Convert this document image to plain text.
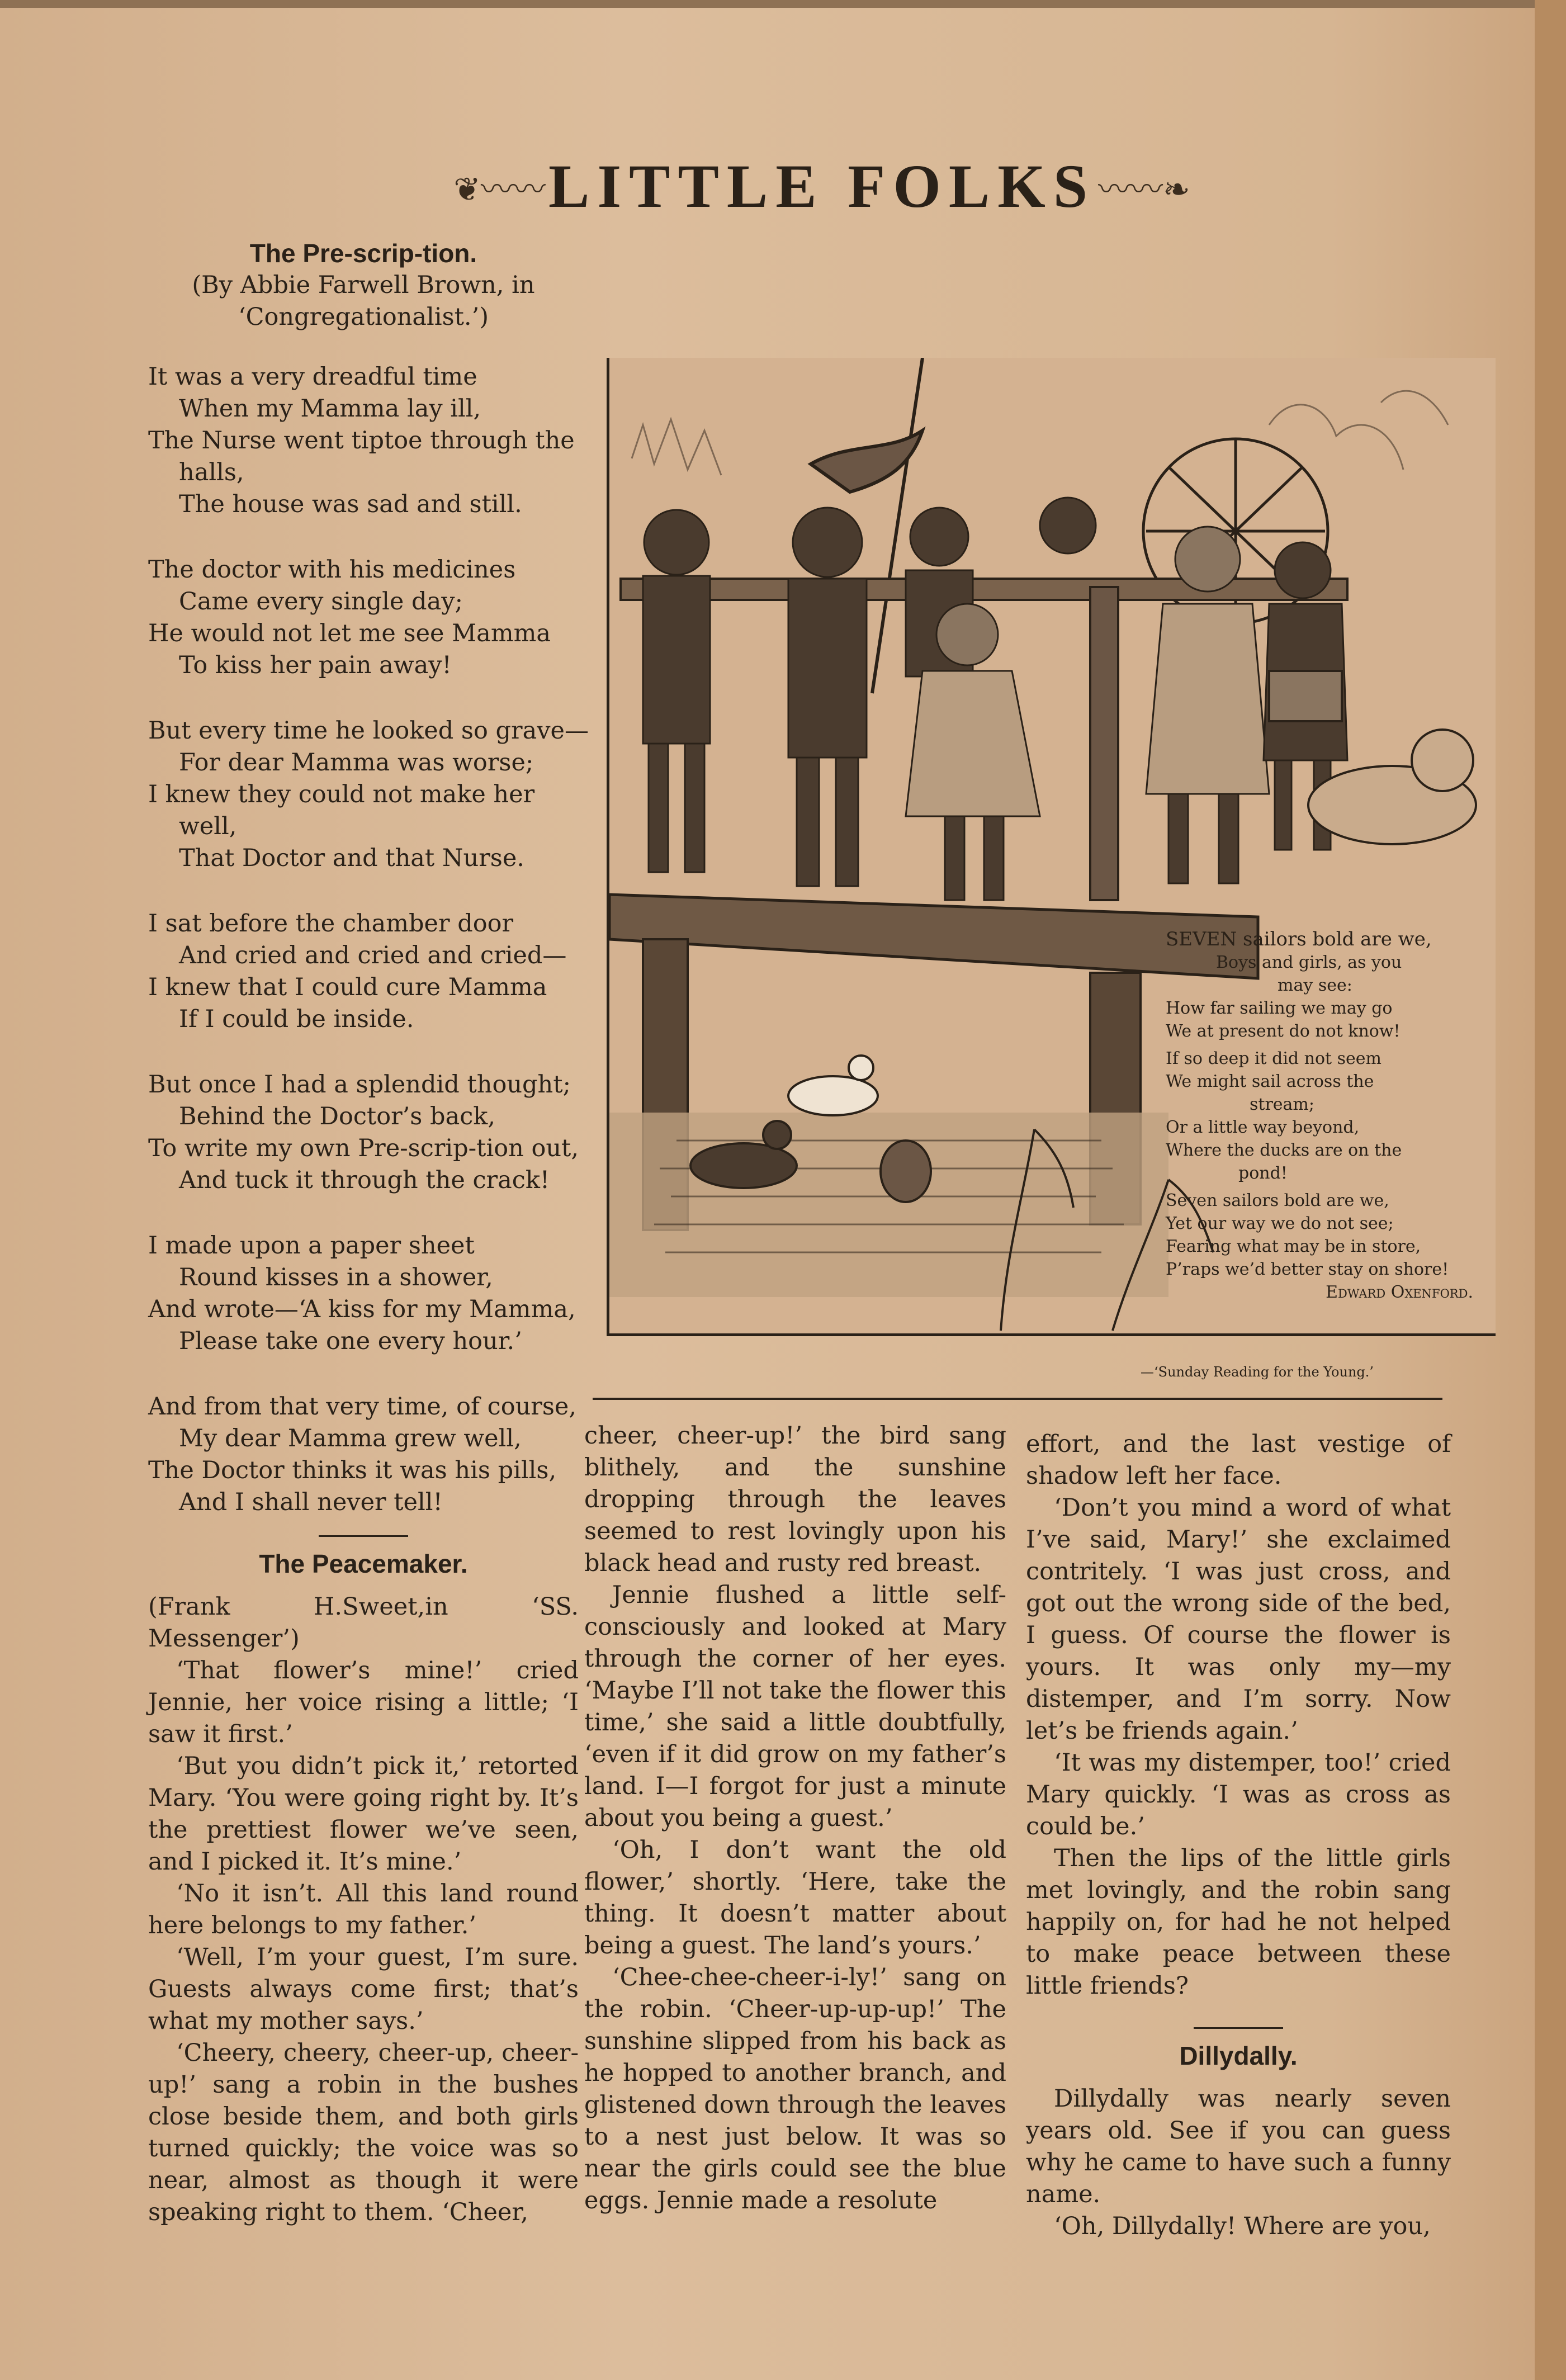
❦〰〰 LITTLE FOLKS 〰〰❧

The Pre-scrip-tion.

(By Abbie Farwell Brown, in

‘Congregationalist.’)

It was a very dreadful time
When my Mamma lay ill,
The Nurse went tiptoe through the
halls,
The house was sad and still.
The doctor with his medicines
Came every single day;
He would not let me see Mamma
To kiss her pain away!
But every time he looked so grave—
For dear Mamma was worse;
I knew they could not make her
well,
That Doctor and that Nurse.
I sat before the chamber door
And cried and cried and cried—
I knew that I could cure Mamma
If I could be inside.
But once I had a splendid thought;
Behind the Doctor’s back,
To write my own Pre-scrip-tion out,
And tuck it through the crack!
I made upon a paper sheet
Round kisses in a shower,
And wrote—‘A kiss for my Mamma,
Please take one every hour.’
And from that very time, of course,
My dear Mamma grew well,
The Doctor thinks it was his pills,
And I shall never tell!

The Peacemaker.

(Frank H.Sweet,in ‘SS. Messenger’)

‘That flower’s mine!’ cried Jennie, her voice rising a little; ‘I saw it first.’

‘But you didn’t pick it,’ retorted Mary. ‘You were going right by. It’s the prettiest flower we’ve seen, and I picked it. It’s mine.’

‘No it isn’t. All this land round here belongs to my father.’

‘Well, I’m your guest, I’m sure. Guests always come first; that’s what my mother says.’

‘Cheery, cheery, cheer-up, cheer-up!’ sang a robin in the bushes close beside them, and both girls turned quickly; the voice was so near, almost as though it were speaking right to them. ‘Cheer,

SEVEN sailors bold are we,
Boys and girls, as you
may see:
How far sailing we may go
We at present do not know!
If so deep it did not seem
We might sail across the
stream;
Or a little way beyond,
Where the ducks are on the
pond!
Seven sailors bold are we,
Yet our way we do not see;
Fearing what may be in store,
P’raps we’d better stay on shore!
Edward Oxenford.
—‘Sunday Reading for the Young.’

cheer, cheer-up!’ the bird sang blithely, and the sunshine dropping through the leaves seemed to rest lovingly upon his black head and rusty red breast.

Jennie flushed a little self-consciously and looked at Mary through the corner of her eyes. ‘Maybe I’ll not take the flower this time,’ she said a little doubtfully, ‘even if it did grow on my father’s land. I—I forgot for just a minute about you being a guest.’

‘Oh, I don’t want the old flower,’ shortly. ‘Here, take the thing. It doesn’t matter about being a guest. The land’s yours.’

‘Chee-chee-cheer-i-ly!’ sang on the robin. ‘Cheer-up-up-up!’ The sunshine slipped from his back as he hopped to another branch, and glistened down through the leaves to a nest just below. It was so near the girls could see the blue eggs. Jennie made a resolute

effort, and the last vestige of shadow left her face.

‘Don’t you mind a word of what I’ve said, Mary!’ she exclaimed contritely. ‘I was just cross, and got out the wrong side of the bed, I guess. Of course the flower is yours. It was only my—my distemper, and I’m sorry. Now let’s be friends again.’

‘It was my distemper, too!’ cried Mary quickly. ‘I was as cross as could be.’

Then the lips of the little girls met lovingly, and the robin sang happily on, for had he not helped to make peace between these little friends?

Dillydally.

Dillydally was nearly seven years old. See if you can guess why he came to have such a funny name.

‘Oh, Dillydally! Where are you,
